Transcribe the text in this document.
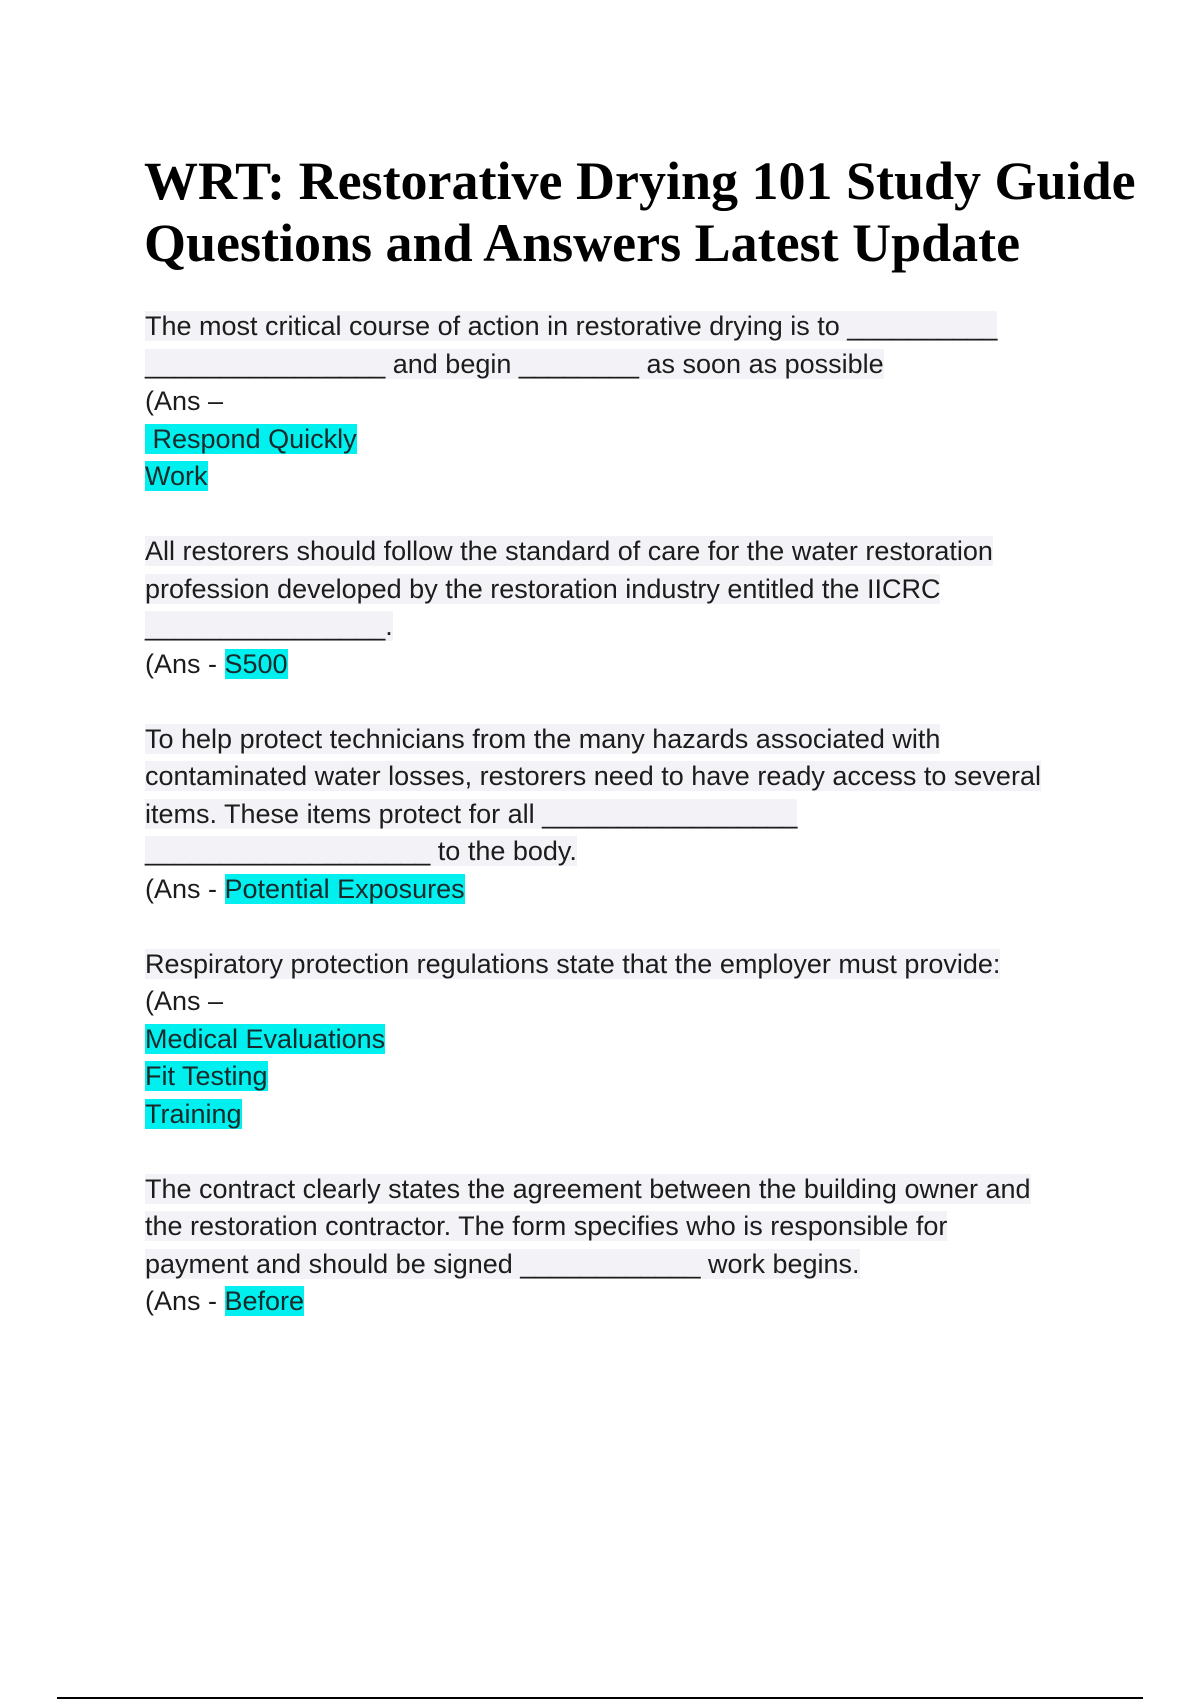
WRT: Restorative Drying 101 Study Guide
Questions and Answers Latest Update
The most critical course of action in restorative drying is to __________
________________ and begin ________ as soon as possible
(Ans –
Respond Quickly
Work
All restorers should follow the standard of care for the water restoration
profession developed by the restoration industry entitled the IICRC
________________.
(Ans - S500
To help protect technicians from the many hazards associated with
contaminated water losses, restorers need to have ready access to several
items. These items protect for all _________________
___________________ to the body.
(Ans - Potential Exposures
Respiratory protection regulations state that the employer must provide:
(Ans –
Medical Evaluations
Fit Testing
Training
The contract clearly states the agreement between the building owner and
the restoration contractor. The form specifies who is responsible for
payment and should be signed ____________ work begins.
(Ans - Before
